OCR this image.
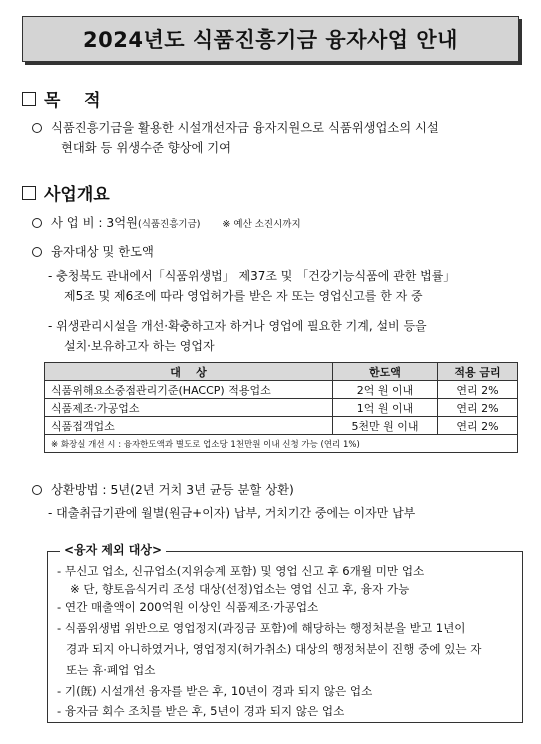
2024년도 식품진흥기금 융자사업 안내
목    적
식품진흥기금을 활용한 시설개선자금 융자지원으로 식품위생업소의 시설
현대화 등 위생수준 향상에 기여
사업개요
사 업 비 : 3억원(식품진흥기금) ※ 예산 소진시까지
융자대상 및 한도액
- 충청북도 관내에서「식품위생법」 제37조 및 「건강기능식품에 관한 법률」
제5조 및 제6조에 따라 영업허가를 받은 자 또는 영업신고를 한 자 중
- 위생관리시설을 개선·확충하고자 하거나 영업에 필요한 기계, 설비 등을
설치·보유하고자 하는 영업자
대    상	한도액	적용 금리
식품위해요소중점관리기준(HACCP) 적용업소	2억 원 이내	연리 2%
식품제조·가공업소	1억 원 이내	연리 2%
식품접객업소	5천만 원 이내	연리 2%
※ 화장실 개선 시 : 융자한도액과 별도로 업소당 1천만원 이내 신청 가능 (연리 1%)		
상환방법 : 5년(2년 거치 3년 균등 분할 상환)
- 대출취급기관에 월별(원금+이자) 납부, 거치기간 중에는 이자만 납부
<융자 제외 대상>
- 무신고 업소, 신규업소(지위승계 포함) 및 영업 신고 후 6개월 미만 업소
※ 단, 향토음식거리 조성 대상(선정)업소는 영업 신고 후, 융자 가능
- 연간 매출액이 200억원 이상인 식품제조·가공업소
- 식품위생법 위반으로 영업정지(과징금 포함)에 해당하는 행정처분을 받고 1년이
경과 되지 아니하였거나, 영업정지(허가취소) 대상의 행정처분이 진행 중에 있는 자
또는 휴·폐업 업소
- 기(旣) 시설개선 융자를 받은 후, 10년이 경과 되지 않은 업소
- 융자금 회수 조치를 받은 후, 5년이 경과 되지 않은 업소
